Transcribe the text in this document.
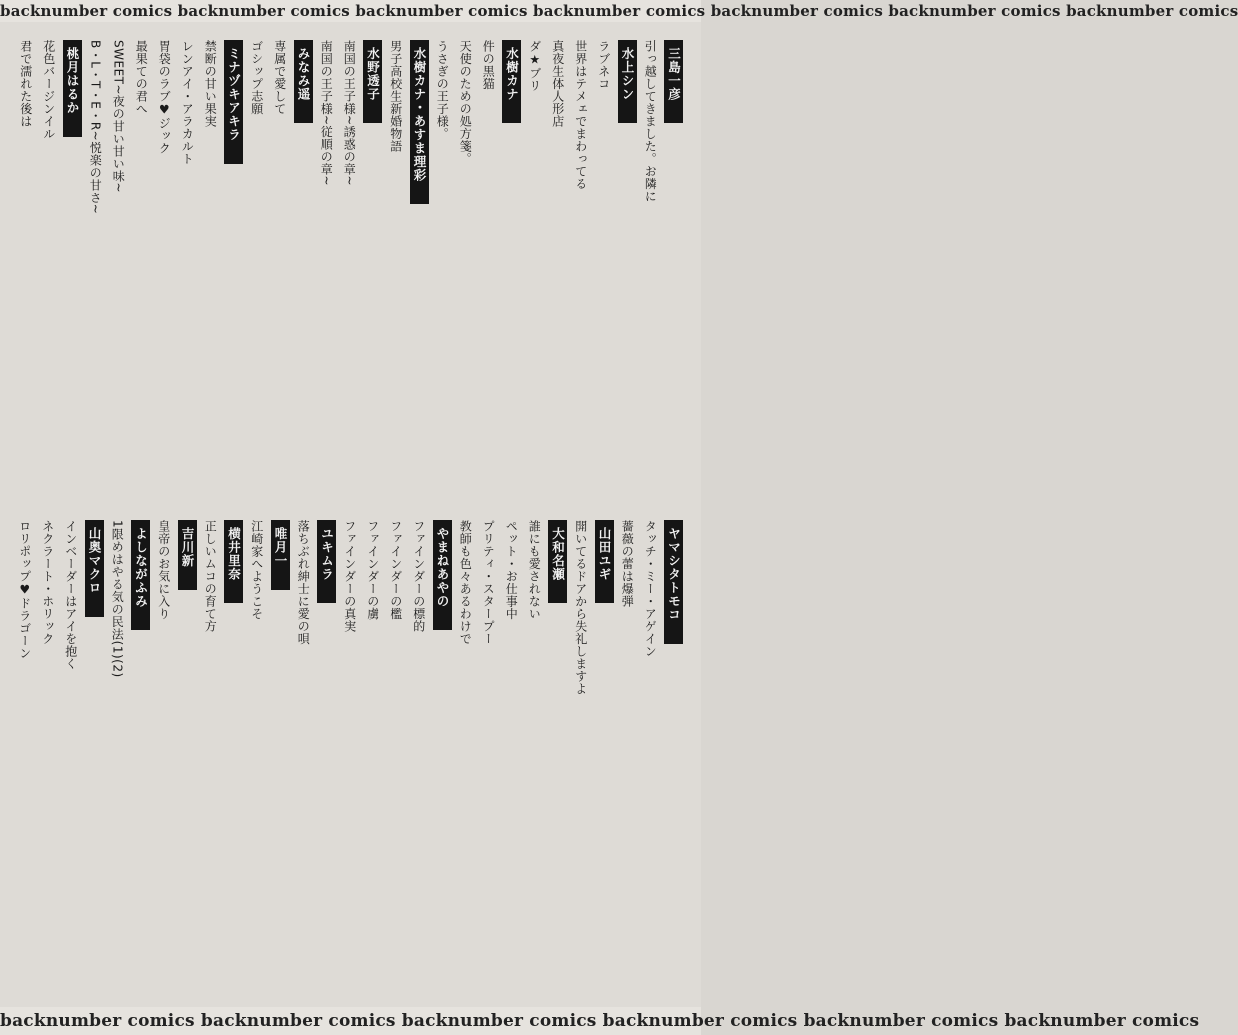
backnumber comics backnumber comics backnumber comics backnumber comics backnumber comics backnumber comics backnumber comics
三島一彦
引っ越してきました。お隣に
水上シン
ラブネコ
世界はテメェでまわってる
真夜生体人形店
ダ★ブリ
水樹カナ
件の黒猫
天使のための処方箋。
うさぎの王子様。
水樹カナ・あすま理彩
男子高校生新婚物語
水野透子
南国の王子様~誘惑の章~
南国の王子様~従順の章~
みなみ遥
専属で愛して
ゴシップ志願
ミナヅキアキラ
禁断の甘い果実
レンアイ・アラカルト
胃袋のラブ♥ジック
最果ての君へ
SWEET~夜の甘い甘い味~
B・L・T・E・R~悦楽の甘さ~
桃月はるか
花色バージンイル
君で濡れた後は
ヤマシタトモコ
タッチ・ミー・アゲイン
薔薇の蕾は爆弾
山田ユギ
開いてるドアから失礼しますよ
大和名瀬
誰にも愛されない
ペット・お仕事中
プリティ・スタープー
教師も色々あるわけで
やまねあやの
ファインダーの標的
ファインダーの檻
ファインダーの虜
ファインダーの真実
ユキムラ
落ちぶれ紳士に愛の唄
唯月一
江崎家へようこそ
横井里奈
正しいムコの育て方
吉川新
皇帝のお気に入り
よしながふみ
1限めはやる気の民法(1)(2)
山奥マクロ
インベーダーはアイを抱く
ネクラート・ホリック
ロリポップ♥ドラゴーン
backnumber comics backnumber comics backnumber comics backnumber comics backnumber comics backnumber comics
